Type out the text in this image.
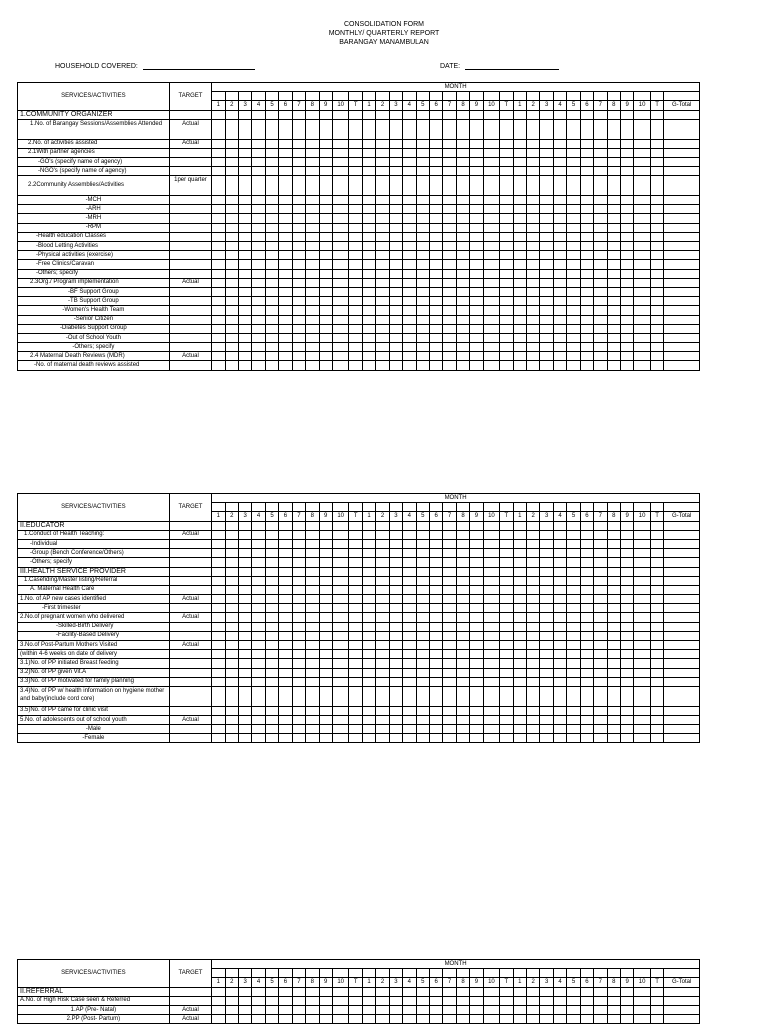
CONSOLIDATION FORM
MONTHLY/ QUARTERLY REPORT
BARANGAY MANAMBULAN
HOUSEHOLD COVERED:	DATE:
SERVICES/ACTIVITIES	TARGET	MONTH																																	

		1	2	3	4	5	6	7	8	9	10	T	1	2	3	4	5	6	7	8	9	10	T	1	2	3	4	5	6	7	8	9	10	T	G-Total
1.COMMUNITY ORGANIZER																																			
1.No. of Barangay Sessions/Assemblies Attended	Actual																																		
2.No. of activities assisted	Actual																																		
2.1With partner agencies																																			
-GO's (specify name of agency)																																			
-NGO's (specify name of agency)																																			
2.2Community Assemblies/Activities	1per quarter																																		
-MCH																																			
-ARH																																			
-MRH																																			
-RPM																																			
-Health education Classes																																			
-Blood Letting Activities																																			
-Physical activities (exercise)																																			
-Free Clinics/Caravan																																			
-Others; specify																																			
2.3Org./ Program implementation	Actual																																		
-BF Support Group																																			
-TB Support Group																																			
-Women's Health Team																																			
-Senior Citizen																																			
-Diabetes Support Group																																			
-Out of School Youth																																			
-Others; specify																																			
2.4 Maternal Death Reviews (MDR)	Actual																																		
-No. of maternal death reviews assisted																																			
SERVICES/ACTIVITIES	TARGET	MONTH																																	

		1	2	3	4	5	6	7	8	9	10	T	1	2	3	4	5	6	7	8	9	10	T	1	2	3	4	5	6	7	8	9	10	T	G-Total
II.EDUCATOR																																			
1.Conduct of Health Teaching:	Actual																																		
-Individual																																			
-Group (Bench Conference/Others)																																			
-Others; specify																																			
III.HEALTH SERVICE PROVIDER																																			
1.Casefiding/Master listing/Referral																																			
A. Maternal Health Care																																			
1.No. of AP new cases identified	Actual																																		
-First trimester																																			
2.No.of pregnant women who delivered	Actual																																		
-Skilled-Birth Delivery																																			
-Facility-Based Delivery																																			
3.No.of Post-Partum Mothers Visited	Actual																																		
(within 4-6 weeks on date of delivery																																			
3.1)No. of PP initiated Breast feeding																																			
3.2)No. of PP given Vit.A																																			
3.3)No. of PP motivated for family planning																																			
3.4)No. of PP w/ health information on hygiene mother and baby(include cord core)																																			
3.5)No. of PP came for clinic visit																																			
5.No. of adolescents out of school youth	Actual																																		
-Male																																			
-Female																																			
SERVICES/ACTIVITIES	TARGET	MONTH																																	

		1	2	3	4	5	6	7	8	9	10	T	1	2	3	4	5	6	7	8	9	10	T	1	2	3	4	5	6	7	8	9	10	T	G-Total
II.REFERRAL																																			
A.No. of High Risk Case seen & Referred																																			
1.AP (Pre- Natal)	Actual																																		
2.PP (Post- Partum)	Actual																																		
